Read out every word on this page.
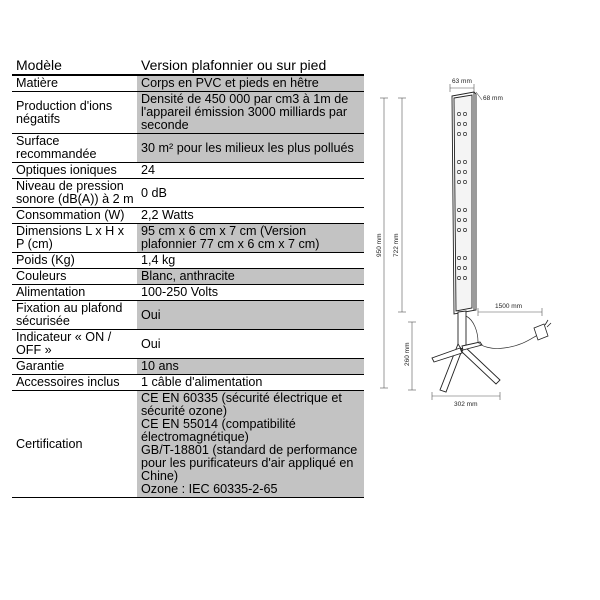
Modèle	Version plafonnier ou sur pied
Matière	Corps en PVC et pieds en hêtre
Production d'ions négatifs	Densité de 450 000 par cm3 à 1m de l'appareil émission 3000 milliards par seconde
Surface recommandée	30 m² pour les milieux les plus pollués
Optiques ioniques	24
Niveau de pression sonore (dB(A)) à 2 m	0 dB
Consommation (W)	2,2 Watts
Dimensions L x H x P (cm)	95 cm x 6 cm x 7 cm (Version plafonnier 77 cm x 6 cm x 7 cm)
Poids (Kg)	1,4 kg
Couleurs	Blanc, anthracite
Alimentation	100-250 Volts
Fixation au plafond sécurisée	Oui
Indicateur « ON / OFF »	Oui
Garantie	10 ans
Accessoires inclus	1 câble d'alimentation
Certification	CE EN 60335 (sécurité électrique et sécurité ozone)
CE EN 55014 (compatibilité électromagnétique)
GB/T-18801 (standard de performance pour les purificateurs d'air appliqué en Chine)
Ozone : IEC 60335-2-65
63 mm
68 mm
1500 mm
950 mm 722 mm
260 mm
302 mm
